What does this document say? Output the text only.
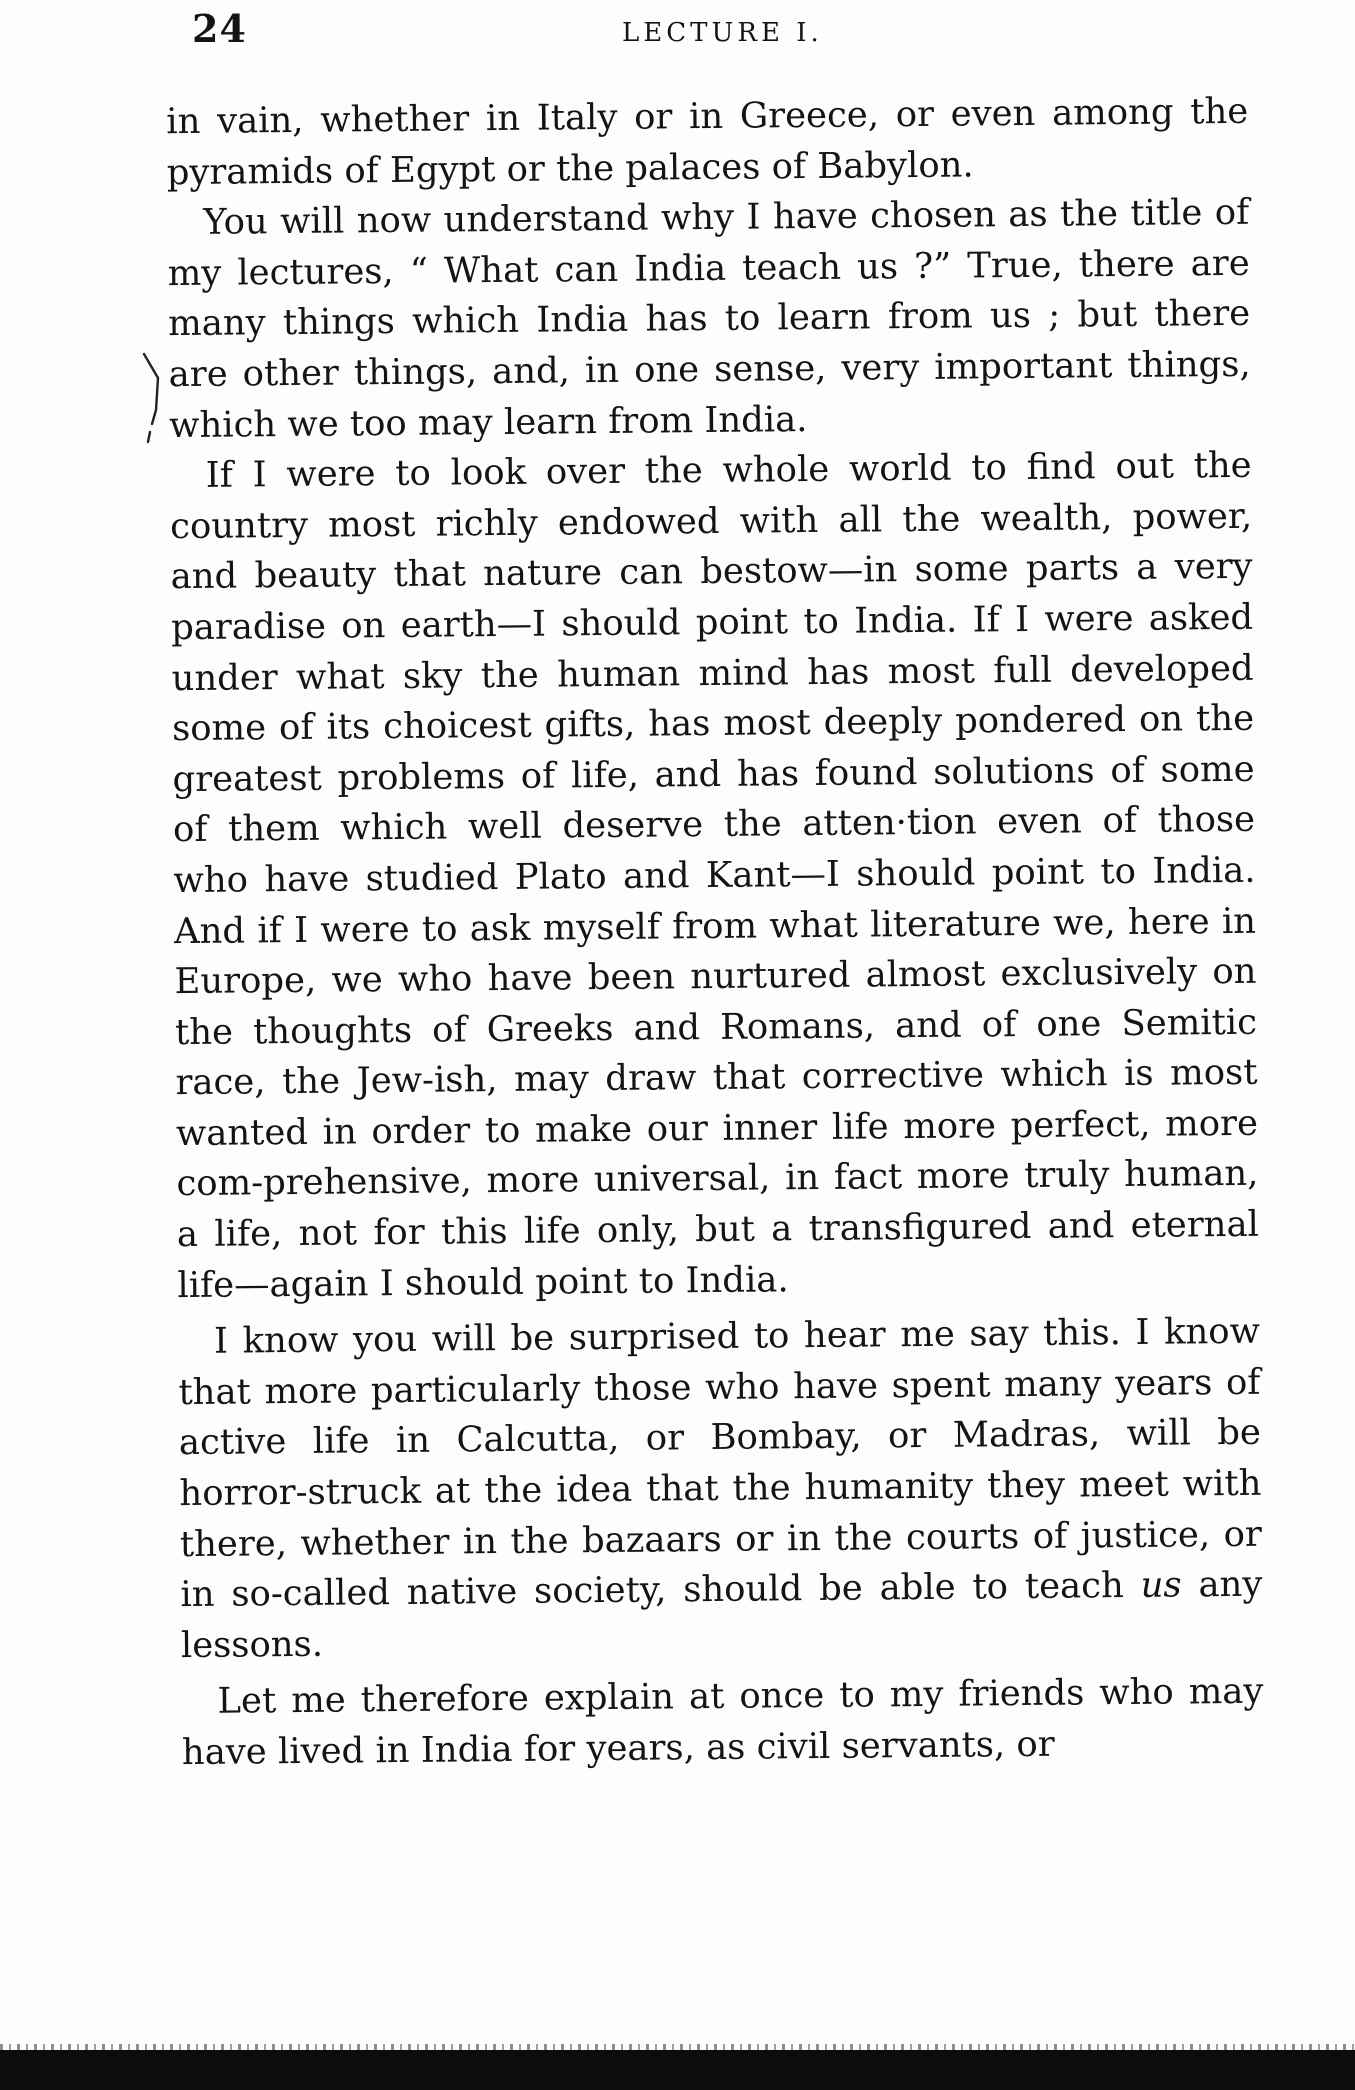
24	LECTURE I.

in vain, whether in Italy or in Greece, or even among the pyramids of Egypt or the palaces of Babylon.

You will now understand why I have chosen as the title of my lectures, “ What can India teach us ?” True, there are many things which India has to learn from us ; but there are other things, and, in one sense, very important things, which we too may learn from India.

If I were to look over the whole world to find out the country most richly endowed with all the wealth, power, and beauty that nature can bestow—in some parts a very paradise on earth—I should point to India. If I were asked under what sky the human mind has most full developed some of its choicest gifts, has most deeply pondered on the greatest problems of life, and has found solutions of some of them which well deserve the atten·tion even of those who have studied Plato and Kant—I should point to India. And if I were to ask myself from what literature we, here in Europe, we who have been nurtured almost exclusively on the thoughts of Greeks and Romans, and of one Semitic race, the Jew-ish, may draw that corrective which is most wanted in order to make our inner life more perfect, more com-prehensive, more universal, in fact more truly human, a life, not for this life only, but a transfigured and eternal life—again I should point to India.

I know you will be surprised to hear me say this. I know that more particularly those who have spent many years of active life in Calcutta, or Bombay, or Madras, will be horror-struck at the idea that the humanity they meet with there, whether in the bazaars or in the courts of justice, or in so-called native society, should be able to teach us any lessons.

Let me therefore explain at once to my friends who may have lived in India for years, as civil servants, or
